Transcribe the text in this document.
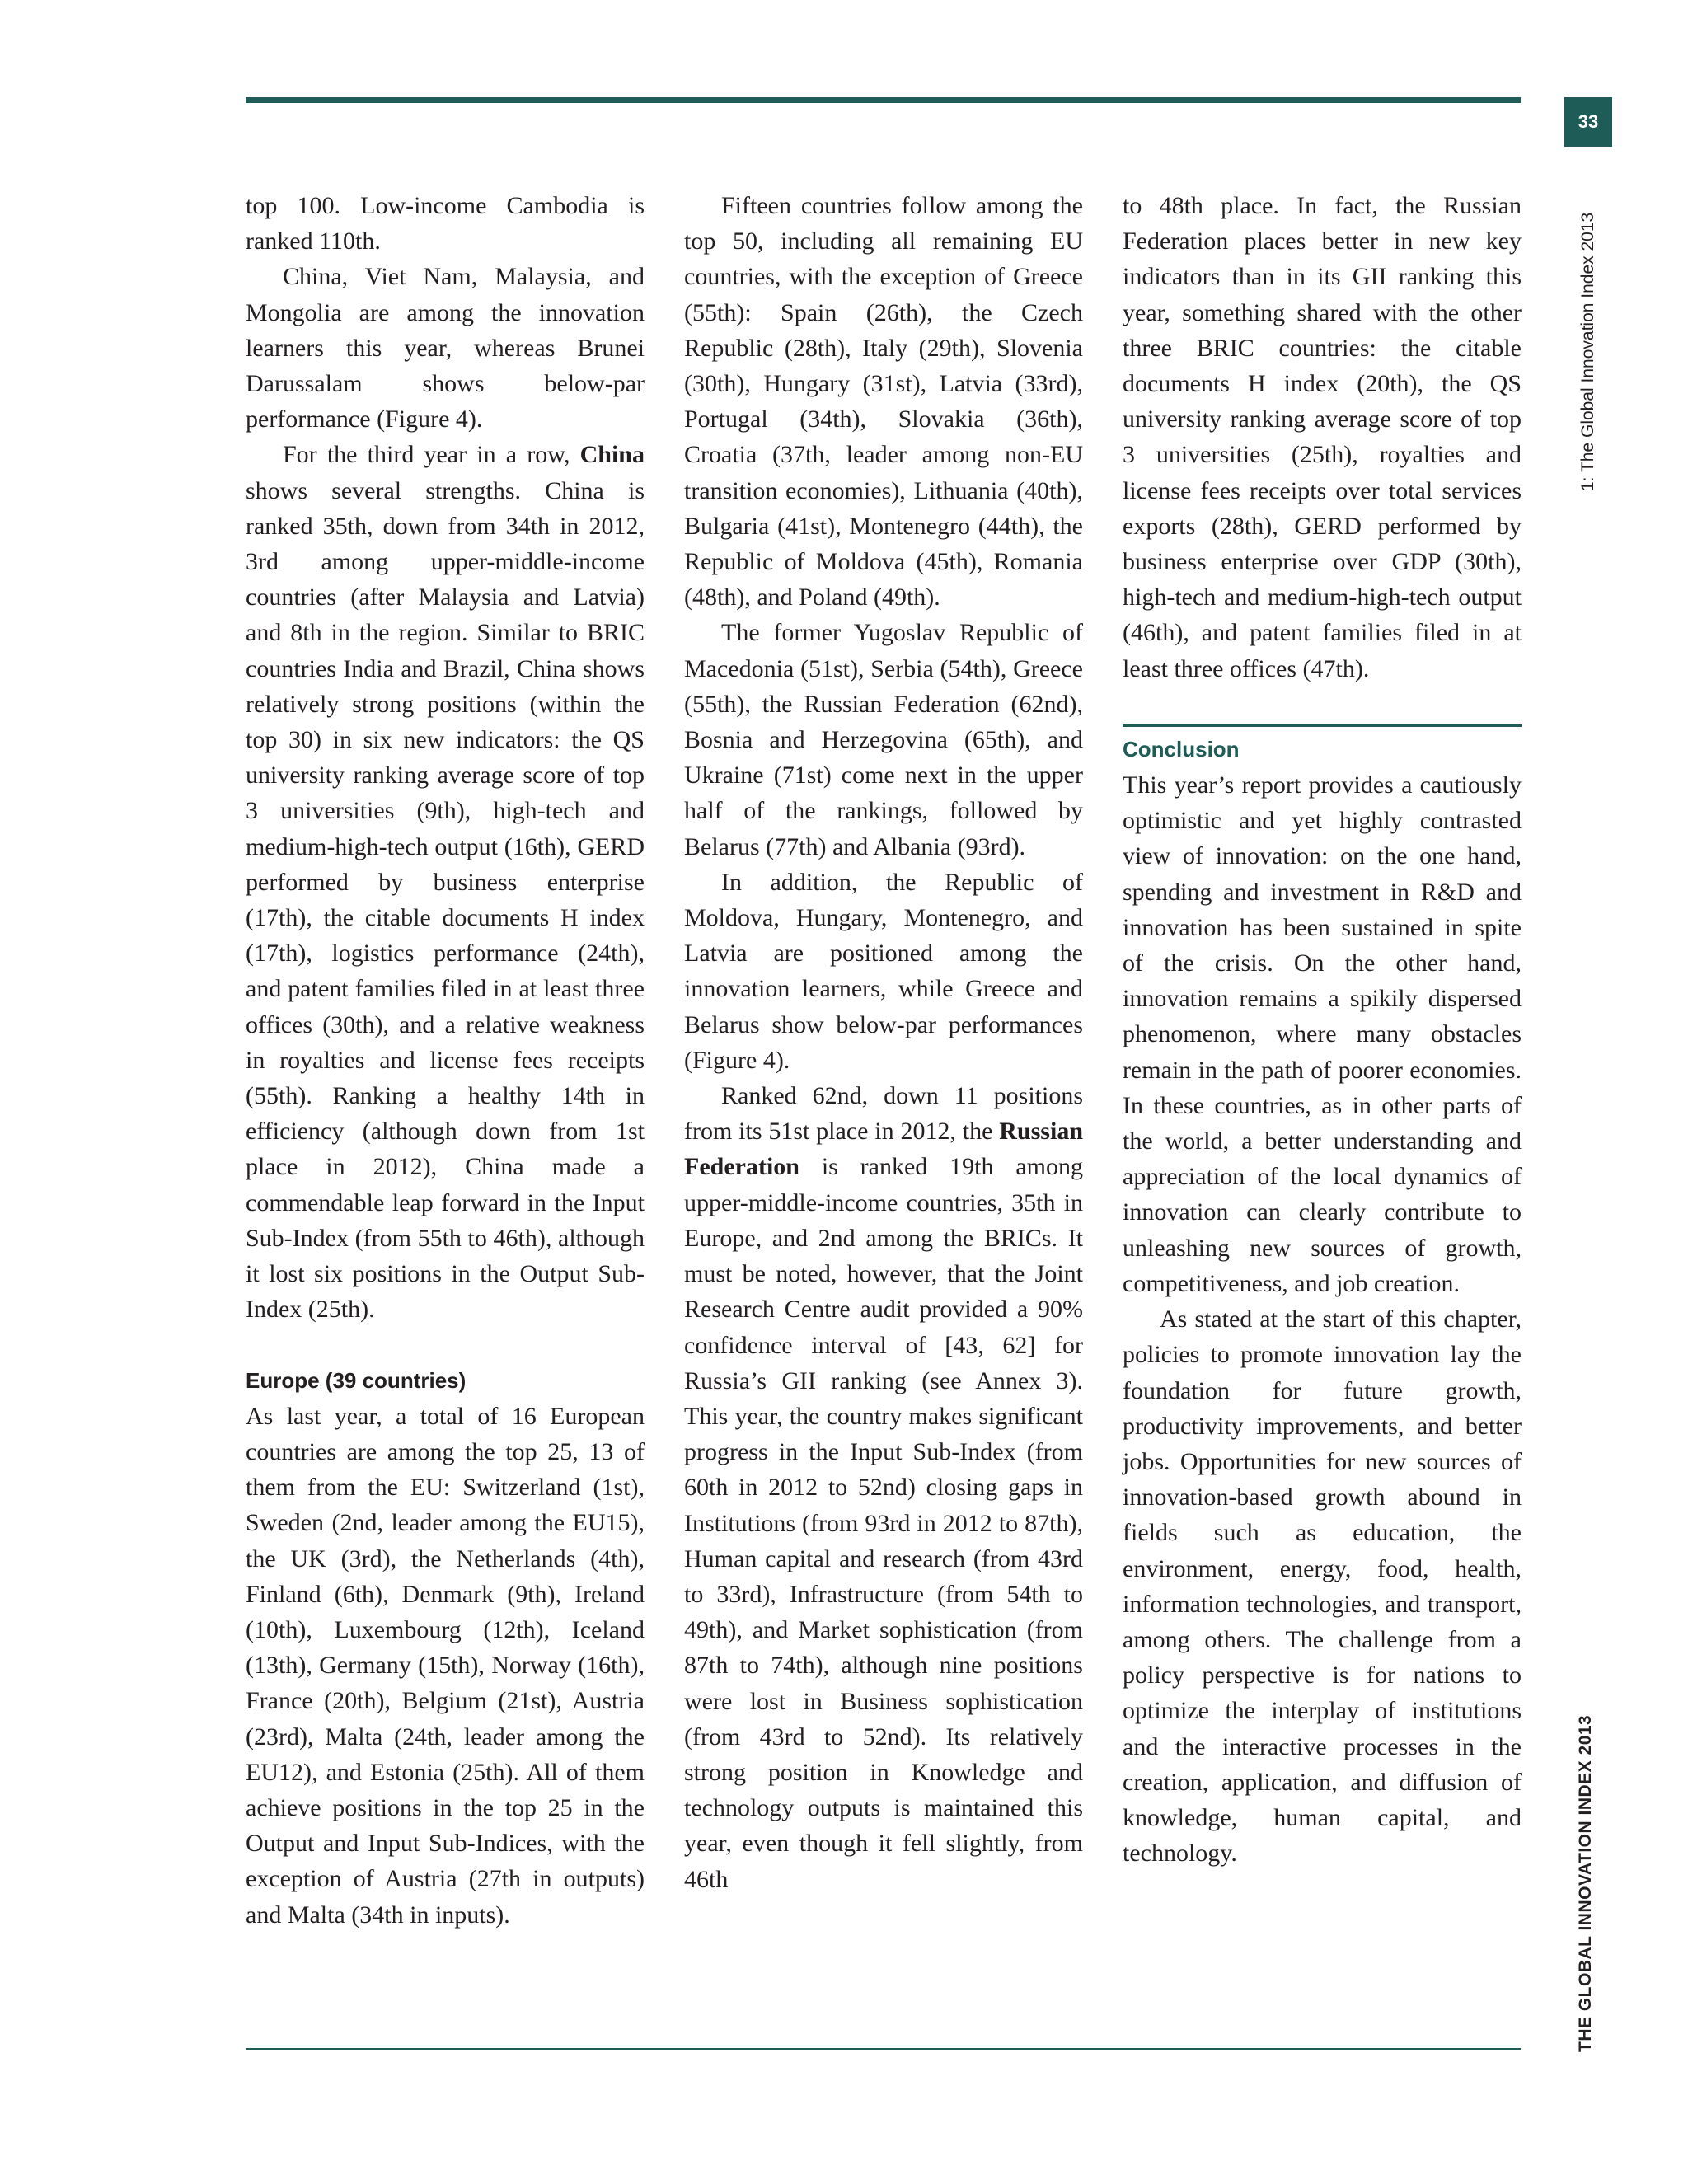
33
1: The Global Innovation Index 2013
THE GLOBAL INNOVATION INDEX 2013

top 100. Low-income Cambodia is ranked 110th.

China, Viet Nam, Malaysia, and Mongolia are among the innovation learners this year, whereas Brunei Darussalam shows below-par performance (Figure 4).

For the third year in a row, China shows several strengths. China is ranked 35th, down from 34th in 2012, 3rd among upper-middle-income countries (after Malaysia and Latvia) and 8th in the region. Similar to BRIC countries India and Brazil, China shows relatively strong positions (within the top 30) in six new indicators: the QS university ranking average score of top 3 universities (9th), high-tech and medium-high-tech output (16th), GERD performed by business enterprise (17th), the citable documents H index (17th), logistics performance (24th), and patent families filed in at least three offices (30th), and a relative weakness in royalties and license fees receipts (55th). Ranking a healthy 14th in efficiency (although down from 1st place in 2012), China made a commendable leap forward in the Input Sub-Index (from 55th to 46th), although it lost six positions in the Output Sub-Index (25th).

Europe (39 countries)

As last year, a total of 16 European countries are among the top 25, 13 of them from the EU: Switzerland (1st), Sweden (2nd, leader among the EU15), the UK (3rd), the Netherlands (4th), Finland (6th), Denmark (9th), Ireland (10th), Luxembourg (12th), Iceland (13th), Germany (15th), Norway (16th), France (20th), Belgium (21st), Austria (23rd), Malta (24th, leader among the EU12), and Estonia (25th). All of them achieve positions in the top 25 in the Output and Input Sub-Indices, with the exception of Austria (27th in outputs) and Malta (34th in inputs).

Fifteen countries follow among the top 50, including all remaining EU countries, with the exception of Greece (55th): Spain (26th), the Czech Republic (28th), Italy (29th), Slovenia (30th), Hungary (31st), Latvia (33rd), Portugal (34th), Slovakia (36th), Croatia (37th, leader among non-EU transition economies), Lithuania (40th), Bulgaria (41st), Montenegro (44th), the Republic of Moldova (45th), Romania (48th), and Poland (49th).

The former Yugoslav Republic of Macedonia (51st), Serbia (54th), Greece (55th), the Russian Federation (62nd), Bosnia and Herzegovina (65th), and Ukraine (71st) come next in the upper half of the rankings, followed by Belarus (77th) and Albania (93rd).

In addition, the Republic of Moldova, Hungary, Montenegro, and Latvia are positioned among the innovation learners, while Greece and Belarus show below-par performances (Figure 4).

Ranked 62nd, down 11 positions from its 51st place in 2012, the Russian Federation is ranked 19th among upper-middle-income countries, 35th in Europe, and 2nd among the BRICs. It must be noted, however, that the Joint Research Centre audit provided a 90% confidence interval of [43, 62] for Russia’s GII ranking (see Annex 3). This year, the country makes significant progress in the Input Sub-Index (from 60th in 2012 to 52nd) closing gaps in Institutions (from 93rd in 2012 to 87th), Human capital and research (from 43rd to 33rd), Infrastructure (from 54th to 49th), and Market sophistication (from 87th to 74th), although nine positions were lost in Business sophistication (from 43rd to 52nd). Its relatively strong position in Knowledge and technology outputs is maintained this year, even though it fell slightly, from 46th

to 48th place. In fact, the Russian Federation places better in new key indicators than in its GII ranking this year, something shared with the other three BRIC countries: the citable documents H index (20th), the QS university ranking average score of top 3 universities (25th), royalties and license fees receipts over total services exports (28th), GERD performed by business enterprise over GDP (30th), high-tech and medium-high-tech output (46th), and patent families filed in at least three offices (47th).

Conclusion

This year’s report provides a cautiously optimistic and yet highly contrasted view of innovation: on the one hand, spending and investment in R&D and innovation has been sustained in spite of the crisis. On the other hand, innovation remains a spikily dispersed phenomenon, where many obstacles remain in the path of poorer economies. In these countries, as in other parts of the world, a better understanding and appreciation of the local dynamics of innovation can clearly contribute to unleashing new sources of growth, competitiveness, and job creation.

As stated at the start of this chapter, policies to promote innovation lay the foundation for future growth, productivity improvements, and better jobs. Opportunities for new sources of innovation-based growth abound in fields such as education, the environment, energy, food, health, information technologies, and transport, among others. The challenge from a policy perspective is for nations to optimize the interplay of institutions and the interactive processes in the creation, application, and diffusion of knowledge, human capital, and technology.
